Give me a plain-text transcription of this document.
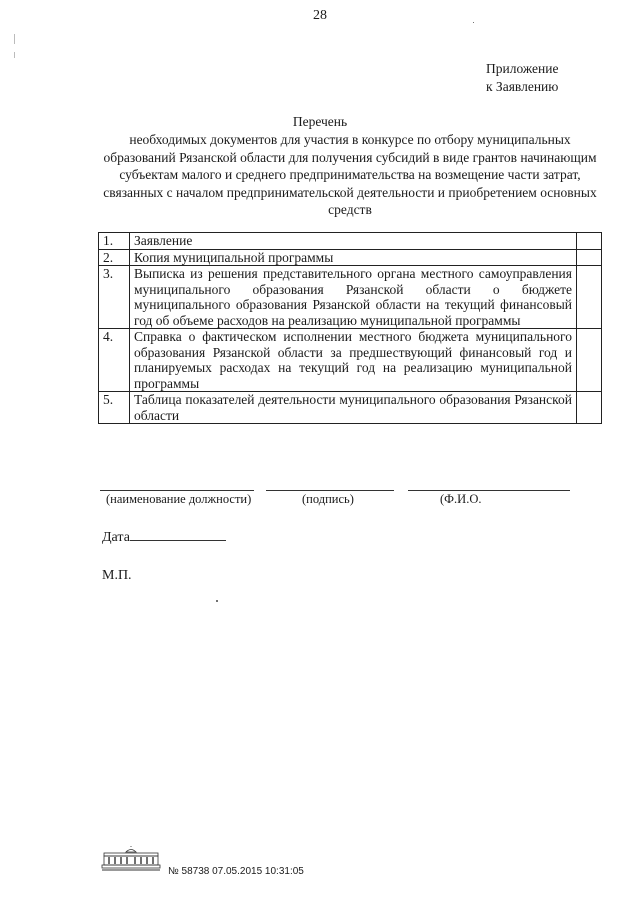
28
Приложение
к Заявлению
Перечень
необходимых документов для участия в конкурсе по отбору муниципальных образований Рязанской области для получения субсидий в виде грантов начинающим субъектам малого и среднего предпринимательства на возмещение части затрат, связанных с началом предпринимательской деятельности и приобретением основных средств
1.	Заявление	
2.	Копия муниципальной программы	
3.	Выписка из решения представительного органа местного самоуправления муниципального образования Рязанской области о бюджете муниципального образования Рязанской области на текущий финансовый год об объеме расходов на реализацию муниципальной программы	
4.	Справка о фактическом исполнении местного бюджета муниципального образования Рязанской области за предшествующий финансовый год и планируемых расходах на текущий год на реализацию муниципальной программы	
5.	Таблица показателей деятельности муниципального образования Рязанской области	
(наименование должности)	(подпись)	(Ф.И.О.
Дата
М.П.
№ 58738 07.05.2015 10:31:05
